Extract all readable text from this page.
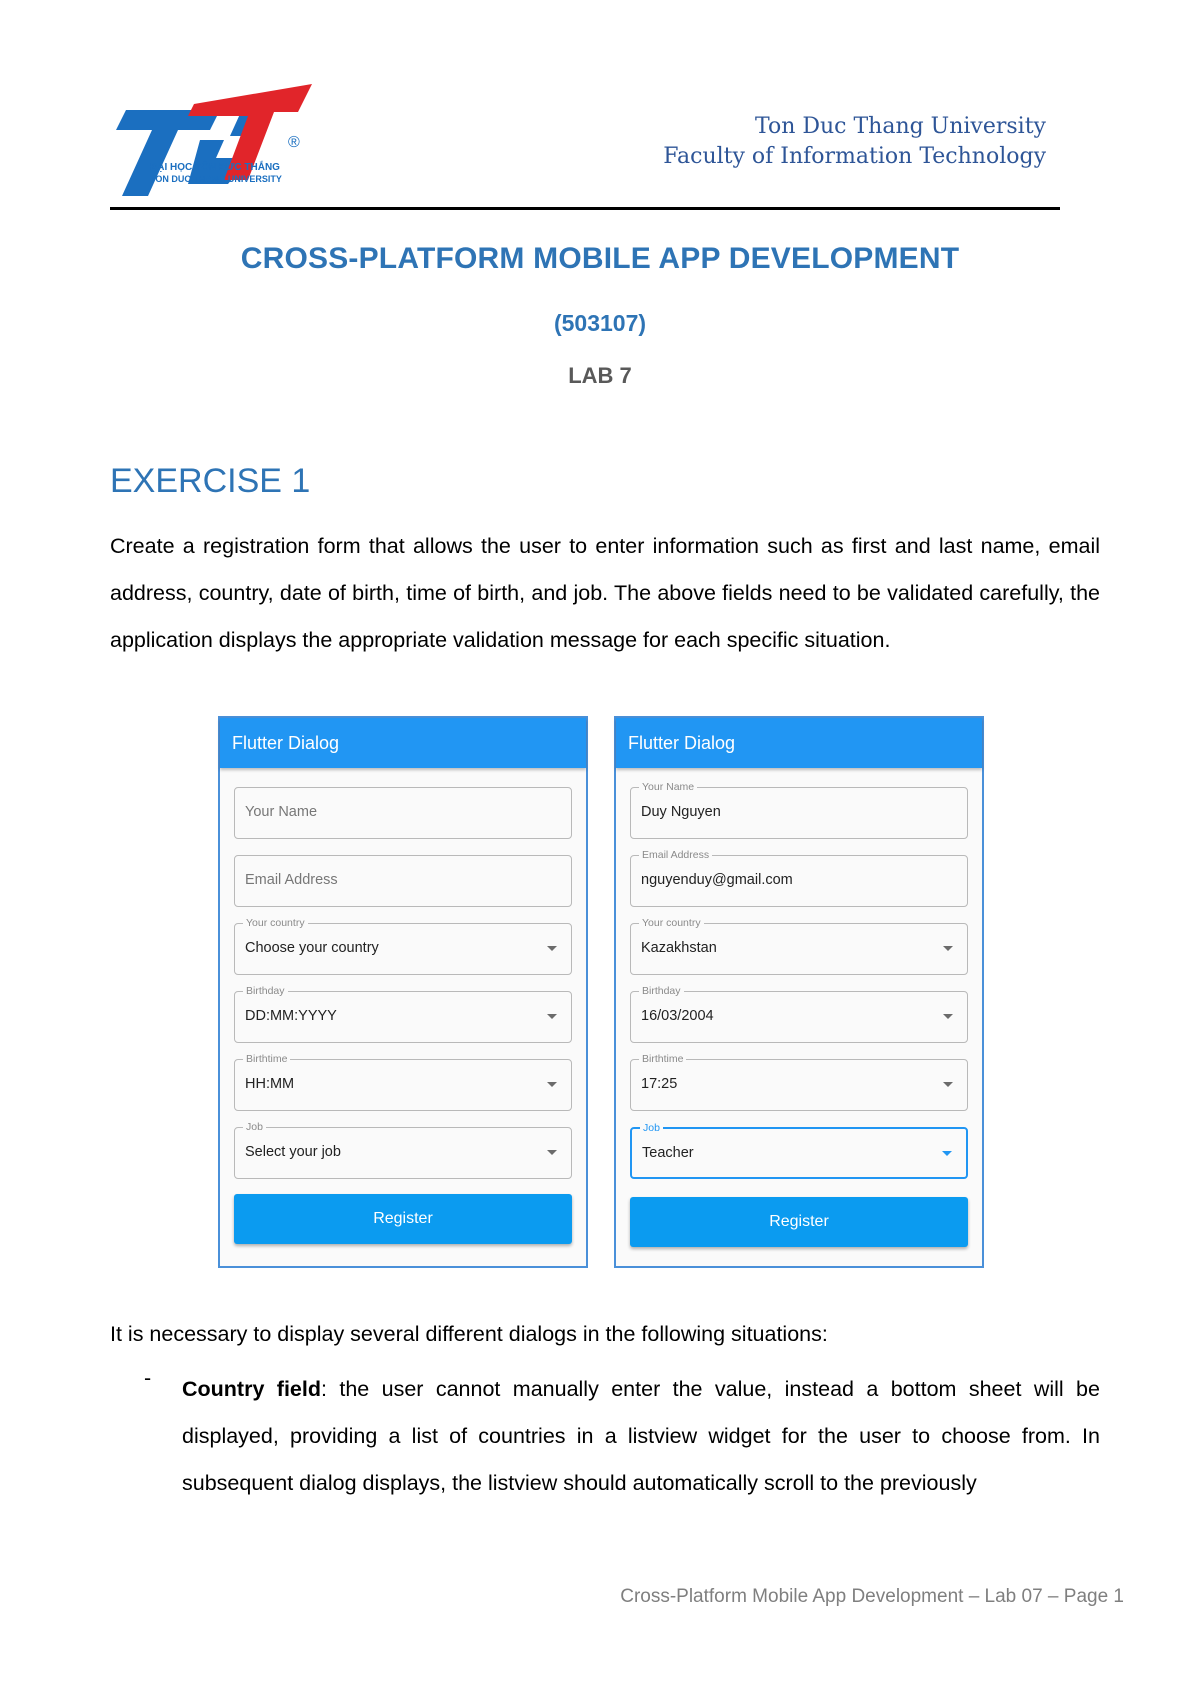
®
ĐẠI HỌC TÔN ĐỨC THẮNG
TON DUC THANG UNIVERSITY
Ton Duc Thang University
Faculty of Information Technology
CROSS-PLATFORM MOBILE APP DEVELOPMENT
(503107)
LAB 7
EXERCISE 1
Create a registration form that allows the user to enter information such as first and last name, email address, country, date of birth, time of birth, and job. The above fields need to be validated carefully, the application displays the appropriate validation message for each specific situation.
Flutter Dialog
Your Name
Email Address
Your country
Choose your country
Birthday
DD:MM:YYYY
Birthtime
HH:MM
Job
Select your job
Register
Flutter Dialog
Your Name
Duy Nguyen
Email Address
nguyenduy@gmail.com
Your country
Kazakhstan
Birthday
16/03/2004
Birthtime
17:25
Job
Teacher
Register
It is necessary to display several different dialogs in the following situations:
- Country field: the user cannot manually enter the value, instead a bottom sheet will be displayed, providing a list of countries in a listview widget for the user to choose from. In subsequent dialog displays, the listview should automatically scroll to the previously
Cross-Platform Mobile App Development – Lab 07 – Page 1
